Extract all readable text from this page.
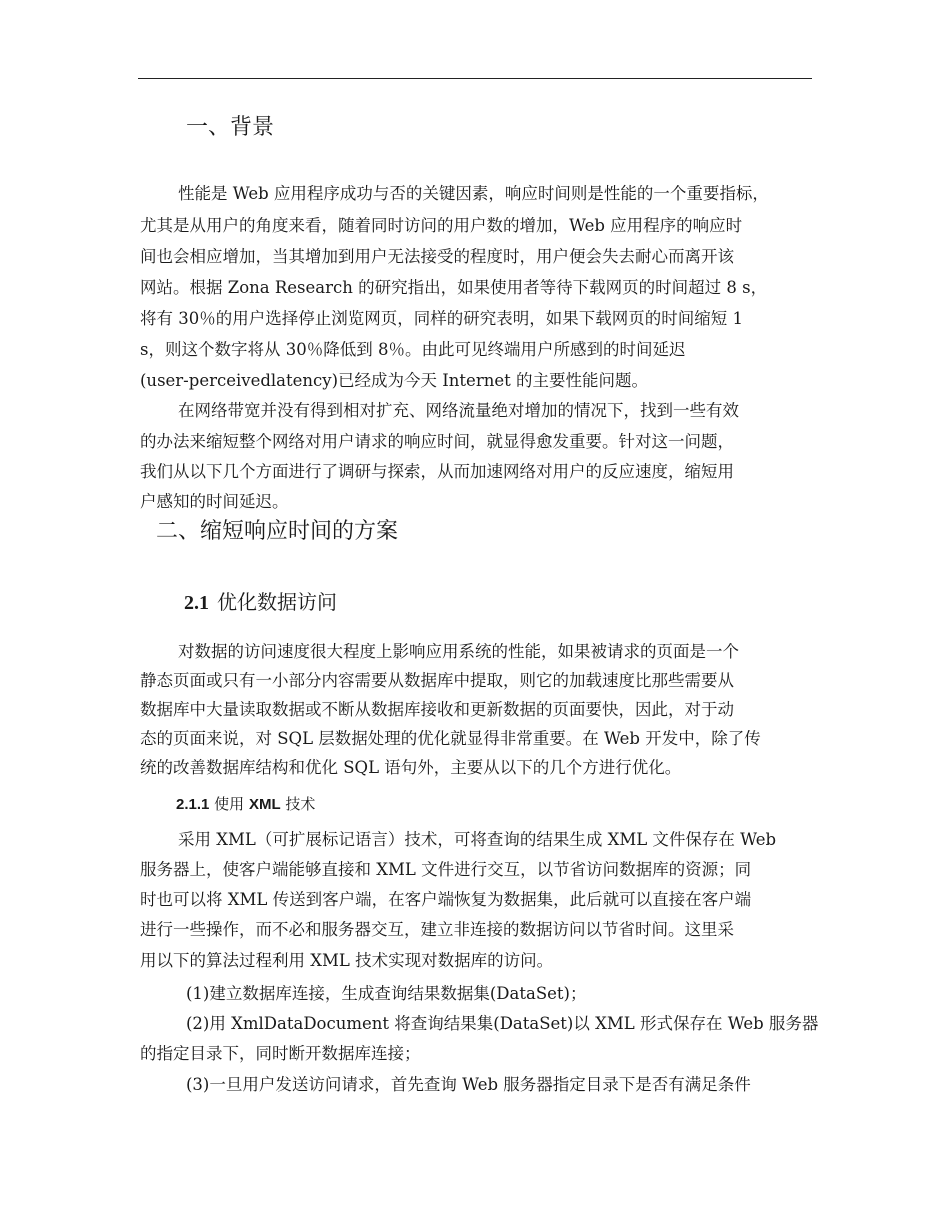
一、背景
性能是 Web 应用程序成功与否的关键因素，响应时间则是性能的一个重要指标，
尤其是从用户的角度来看，随着同时访问的用户数的增加，Web 应用程序的响应时
间也会相应增加，当其增加到用户无法接受的程度时，用户便会失去耐心而离开该
网站。根据 Zona Research 的研究指出，如果使用者等待下载网页的时间超过 8 s，
将有 30％的用户选择停止浏览网页，同样的研究表明，如果下载网页的时间缩短 1
s，则这个数字将从 30％降低到 8％。由此可见终端用户所感到的时间延迟
(user-perceivedlatency)已经成为今天 Internet 的主要性能问题。
在网络带宽并没有得到相对扩充、网络流量绝对增加的情况下，找到一些有效
的办法来缩短整个网络对用户请求的响应时间，就显得愈发重要。针对这一问题，
我们从以下几个方面进行了调研与探索，从而加速网络对用户的反应速度，缩短用
户感知的时间延迟。
二、缩短响应时间的方案
2.1 优化数据访问
对数据的访问速度很大程度上影响应用系统的性能，如果被请求的页面是一个
静态页面或只有一小部分内容需要从数据库中提取，则它的加载速度比那些需要从
数据库中大量读取数据或不断从数据库接收和更新数据的页面要快，因此，对于动
态的页面来说，对 SQL 层数据处理的优化就显得非常重要。在 Web 开发中，除了传
统的改善数据库结构和优化 SQL 语句外，主要从以下的几个方进行优化。
2.1.1 使用 XML 技术
采用 XML（可扩展标记语言）技术，可将查询的结果生成 XML 文件保存在 Web
服务器上，使客户端能够直接和 XML 文件进行交互，以节省访问数据库的资源；同
时也可以将 XML 传送到客户端，在客户端恢复为数据集，此后就可以直接在客户端
进行一些操作，而不必和服务器交互，建立非连接的数据访问以节省时间。这里采
用以下的算法过程利用 XML 技术实现对数据库的访问。
(1)建立数据库连接，生成查询结果数据集(DataSet)；
(2)用 XmlDataDocument 将查询结果集(DataSet)以 XML 形式保存在 Web 服务器
的指定目录下，同时断开数据库连接；
(3)一旦用户发送访问请求，首先查询 Web 服务器指定目录下是否有满足条件
